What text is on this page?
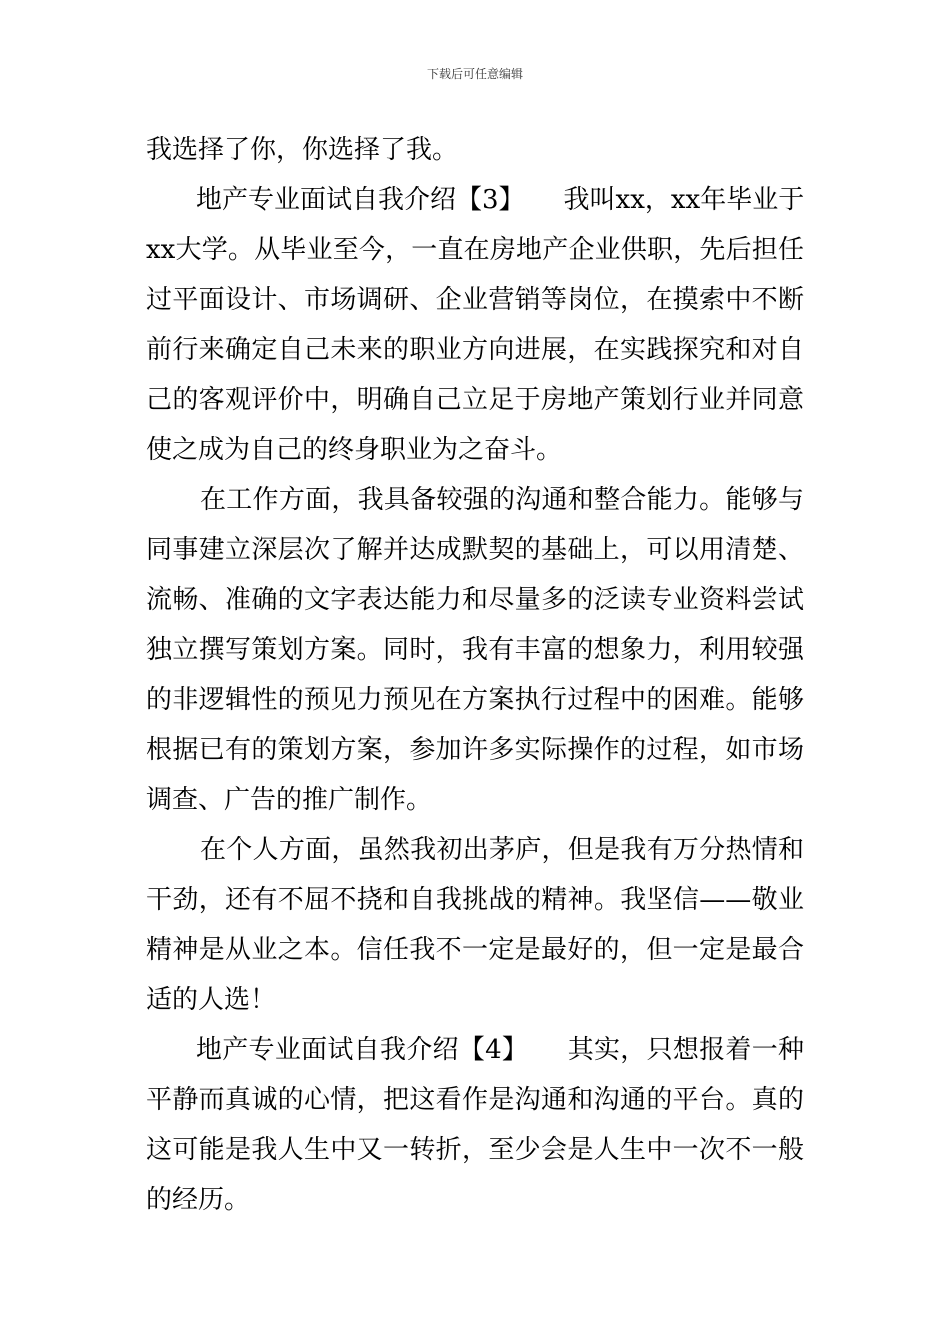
下载后可任意编辑
我选择了你，你选择了我。
地产专业面试自我介绍【3】　　我叫xx，xx年毕业于
xx大学。从毕业至今，一直在房地产企业供职，先后担任
过平面设计、市场调研、企业营销等岗位，在摸索中不断
前行来确定自己未来的职业方向进展，在实践探究和对自
己的客观评价中，明确自己立足于房地产策划行业并同意
使之成为自己的终身职业为之奋斗。
在工作方面，我具备较强的沟通和整合能力。能够与
同事建立深层次了解并达成默契的基础上，可以用清楚、
流畅、准确的文字表达能力和尽量多的泛读专业资料尝试
独立撰写策划方案。同时，我有丰富的想象力，利用较强
的非逻辑性的预见力预见在方案执行过程中的困难。能够
根据已有的策划方案，参加许多实际操作的过程，如市场
调查、广告的推广制作。
在个人方面，虽然我初出茅庐，但是我有万分热情和
干劲，还有不屈不挠和自我挑战的精神。我坚信——敬业
精神是从业之本。信任我不一定是最好的，但一定是最合
适的人选！
地产专业面试自我介绍【4】　　其实，只想报着一种
平静而真诚的心情，把这看作是沟通和沟通的平台。真的
这可能是我人生中又一转折，至少会是人生中一次不一般
的经历。
